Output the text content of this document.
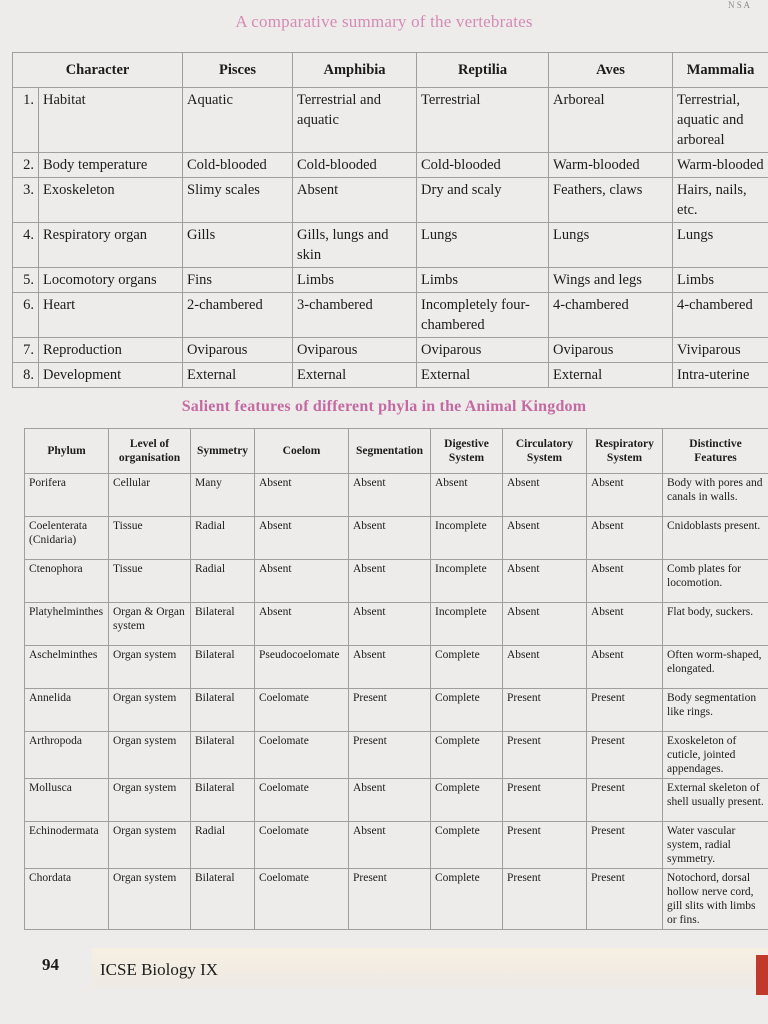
N S A
A comparative summary of the vertebrates
Character		Pisces	Amphibia	Reptilia	Aves	Mammalia
1.	Habitat	Aquatic	Terrestrial and aquatic	Terrestrial	Arboreal	Terrestrial, aquatic and arboreal
2.	Body temperature	Cold-blooded	Cold-blooded	Cold-blooded	Warm-blooded	Warm-blooded
3.	Exoskeleton	Slimy scales	Absent	Dry and scaly	Feathers, claws	Hairs, nails, etc.
4.	Respiratory organ	Gills	Gills, lungs and skin	Lungs	Lungs	Lungs
5.	Locomotory organs	Fins	Limbs	Limbs	Wings and legs	Limbs
6.	Heart	2-chambered	3-chambered	Incompletely four-chambered	4-chambered	4-chambered
7.	Reproduction	Oviparous	Oviparous	Oviparous	Oviparous	Viviparous
8.	Development	External	External	External	External	Intra-uterine
Salient features of different phyla in the Animal Kingdom
Phylum	Level of organisation	Symmetry	Coelom	Segmentation	Digestive System	Circulatory System	Respiratory System	Distinctive Features
Porifera	Cellular	Many	Absent	Absent	Absent	Absent	Absent	Body with pores and canals in walls.
Coelenterata (Cnidaria)	Tissue	Radial	Absent	Absent	Incomplete	Absent	Absent	Cnidoblasts present.
Ctenophora	Tissue	Radial	Absent	Absent	Incomplete	Absent	Absent	Comb plates for locomotion.
Platyhelminthes	Organ & Organ system	Bilateral	Absent	Absent	Incomplete	Absent	Absent	Flat body, suckers.
Aschelminthes	Organ system	Bilateral	Pseudocoelomate	Absent	Complete	Absent	Absent	Often worm-shaped, elongated.
Annelida	Organ system	Bilateral	Coelomate	Present	Complete	Present	Present	Body segmentation like rings.
Arthropoda	Organ system	Bilateral	Coelomate	Present	Complete	Present	Present	Exoskeleton of cuticle, jointed appendages.
Mollusca	Organ system	Bilateral	Coelomate	Absent	Complete	Present	Present	External skeleton of shell usually present.
Echinodermata	Organ system	Radial	Coelomate	Absent	Complete	Present	Present	Water vascular system, radial symmetry.
Chordata	Organ system	Bilateral	Coelomate	Present	Complete	Present	Present	Notochord, dorsal hollow nerve cord, gill slits with limbs or fins.
94 ICSE Biology IX
